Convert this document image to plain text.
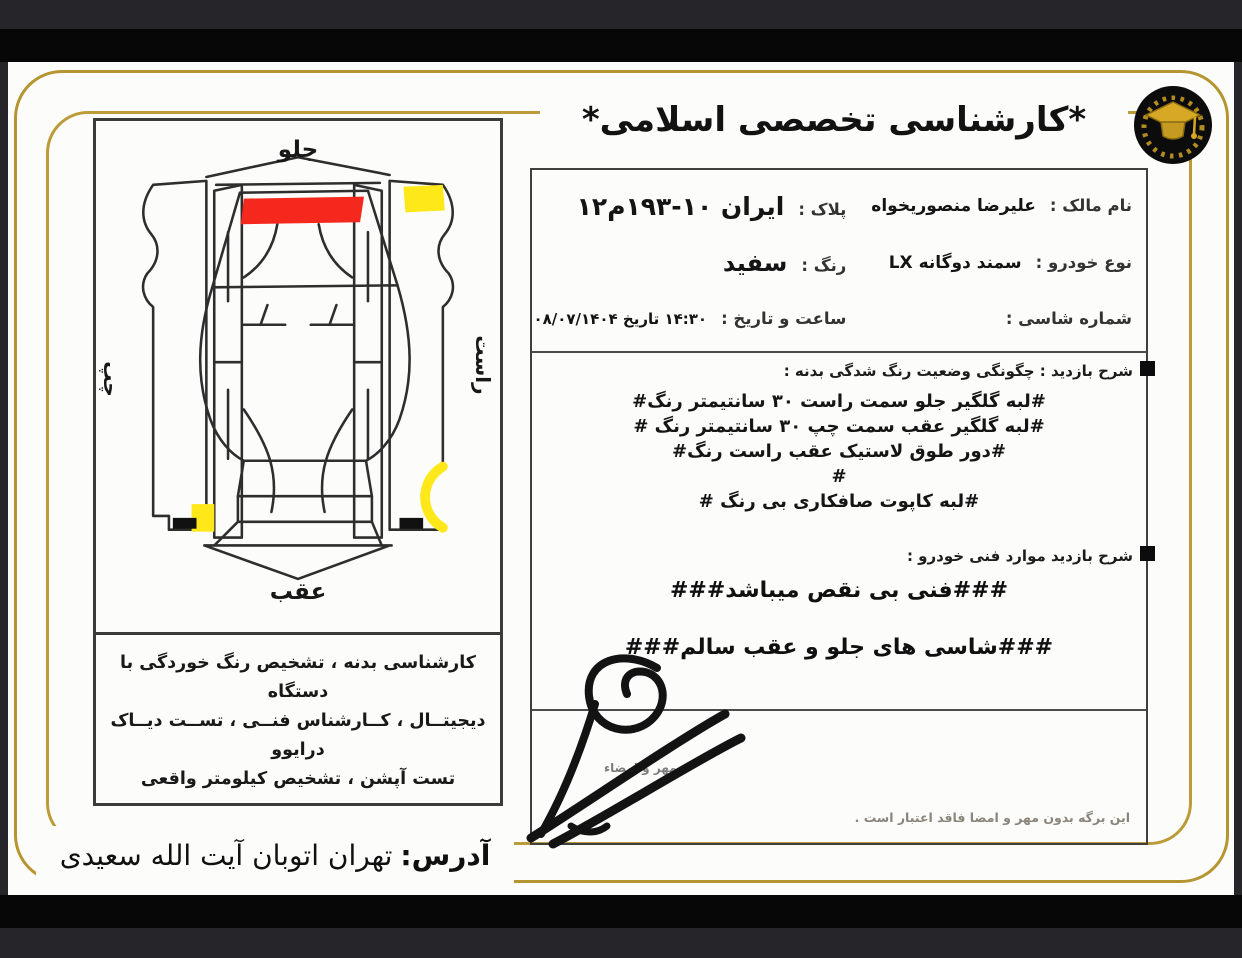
جلو
عقب
چپ	راست
کارشناسی بدنه ، تشخیص رنگ خوردگی با دستگاه
دیجیتــال ، کــارشناس فنــی ، تســت دیــاک درایوو
تست آپشن ، تشخیص کیلومتر واقعی
*کارشناسی تخصصی اسلامی*
نام مالک :
علیرضا منصوریخواه
پلاک :
ایران ۱۰-۱۹۳م۱۲
نوع خودرو :
سمند دوگانه LX
رنگ :
سفید
شماره شاسی :
ساعت و تاریخ :
۱۴:۳۰ تاریخ ۰۸/۰۷/۱۴۰۴
شرح بازدید : چگونگی وضعیت رنگ شدگی بدنه :
#لبه گلگیر جلو سمت راست ۳۰ سانتیمتر رنگ#
#لبه گلگیر عقب سمت چپ ۳۰ سانتیمتر رنگ #
#دور طوق لاستیک عقب راست رنگ#
#
#لبه کاپوت صافکاری بی رنگ #
شرح بازدید موارد فنی خودرو :
###فنی بی نقص میباشد###
###شاسی های جلو و عقب سالم###
مهر و امضاء
این برگه بدون مهر و امضا فاقد اعتبار است .
آدرس:
تهران اتوبان آیت الله سعیدی
